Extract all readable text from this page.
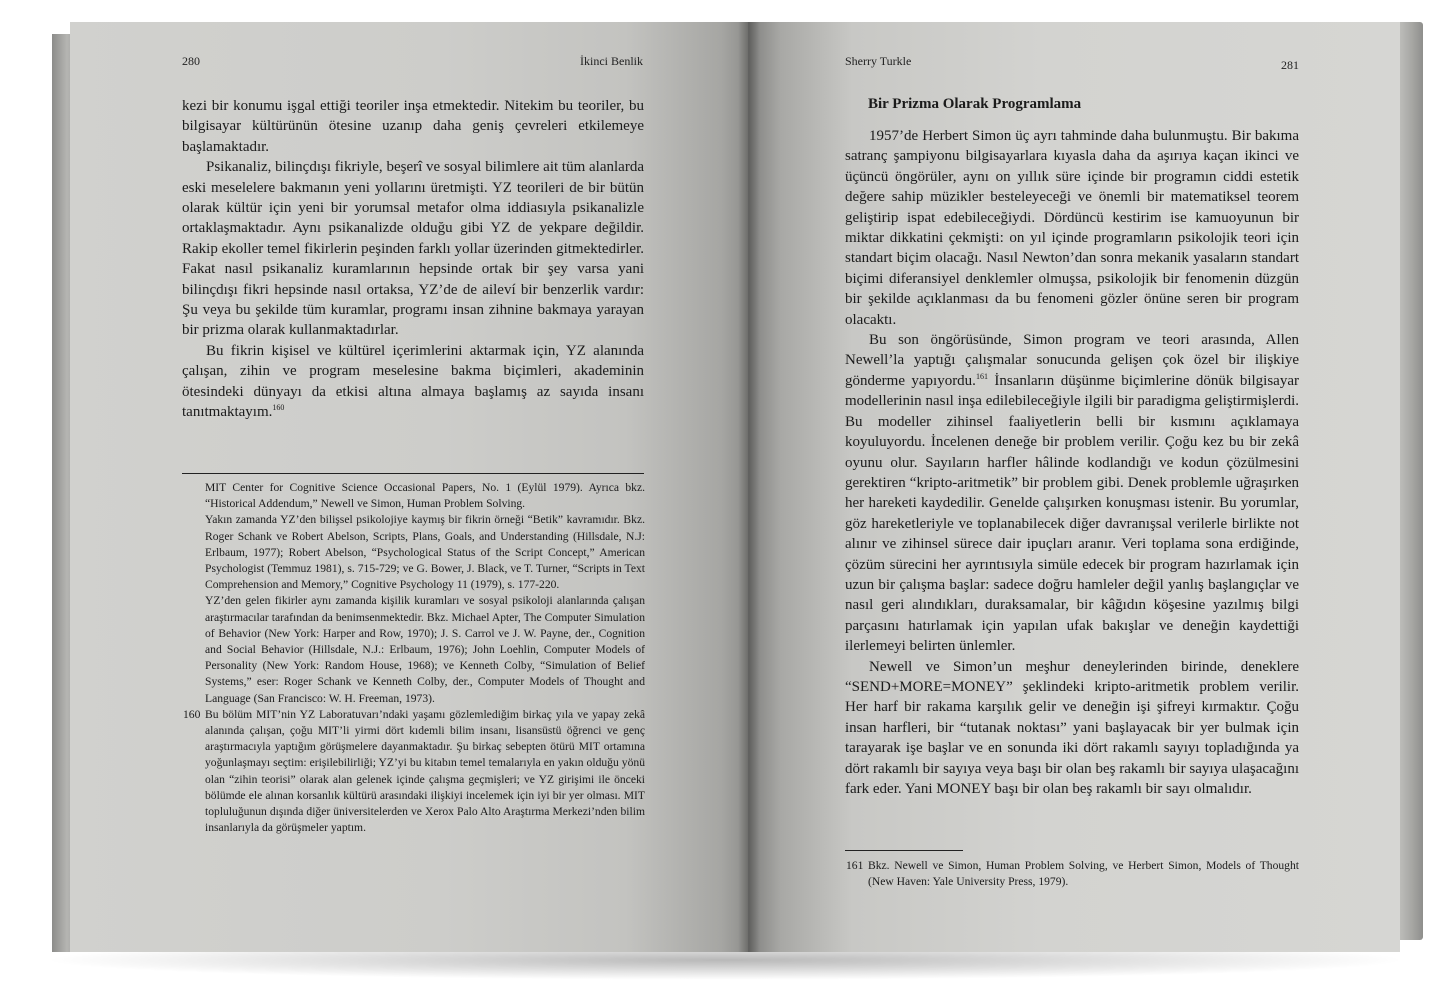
280	İkinci Benlik

kezi bir konumu işgal ettiği teoriler inşa etmektedir. Nitekim bu teoriler, bu bilgisayar kültürünün ötesine uzanıp daha geniş çevreleri etkilemeye başlamaktadır.

Psikanaliz, bilinçdışı fikriyle, beşerî ve sosyal bilimlere ait tüm alanlarda eski meselelere bakmanın yeni yollarını üretmişti. YZ teorileri de bir bütün olarak kültür için yeni bir yorumsal metafor olma iddiasıyla psikanalizle ortaklaşmaktadır. Aynı psikanalizde olduğu gibi YZ de yekpare değildir. Rakip ekoller temel fikirlerin peşinden farklı yollar üzerinden gitmektedirler. Fakat nasıl psikanaliz kuramlarının hepsinde ortak bir şey varsa yani bilinçdışı fikri hepsinde nasıl ortaksa, YZ’de de aileví bir benzerlik vardır: Şu veya bu şekilde tüm kuramlar, programı insan zihnine bakmaya yarayan bir prizma olarak kullanmaktadırlar.

Bu fikrin kişisel ve kültürel içerimlerini aktarmak için, YZ alanında çalışan, zihin ve program meselesine bakma biçimleri, akademinin ötesindeki dünyayı da etkisi altına almaya başlamış az sayıda insanı tanıtmaktayım.$^{160}$

MIT Center for Cognitive Science Occasional Papers, No. 1 (Eylül 1979). Ayrıca bkz. “Historical Addendum,” Newell ve Simon, Human Problem Solving.

Yakın zamanda YZ’den bilişsel psikolojiye kaymış bir fikrin örneği “Betik” kavramıdır. Bkz. Roger Schank ve Robert Abelson, Scripts, Plans, Goals, and Understanding (Hillsdale, N.J: Erlbaum, 1977); Robert Abelson, “Psychological Status of the Script Concept,” American Psychologist (Temmuz 1981), s. 715-729; ve G. Bower, J. Black, ve T. Turner, “Scripts in Text Comprehension and Memory,” Cognitive Psychology 11 (1979), s. 177-220.

YZ’den gelen fikirler aynı zamanda kişilik kuramları ve sosyal psikoloji alanlarında çalışan araştırmacılar tarafından da benimsenmektedir. Bkz. Michael Apter, The Computer Simulation of Behavior (New York: Harper and Row, 1970); J. S. Carrol ve J. W. Payne, der., Cognition and Social Behavior (Hillsdale, N.J.: Erlbaum, 1976); John Loehlin, Computer Models of Personality (New York: Random House, 1968); ve Kenneth Colby, “Simulation of Belief Systems,” eser: Roger Schank ve Kenneth Colby, der., Computer Models of Thought and Language (San Francisco: W. H. Freeman, 1973).

160 Bu bölüm MIT’nin YZ Laboratuvarı’ndaki yaşamı gözlemlediğim birkaç yıla ve yapay zekâ alanında çalışan, çoğu MIT’li yirmi dört kıdemli bilim insanı, lisansüstü öğrenci ve genç araştırmacıyla yaptığım görüşmelere dayanmaktadır. Şu birkaç sebepten ötürü MIT ortamına yoğunlaşmayı seçtim: erişilebilirliği; YZ’yi bu kitabın temel temalarıyla en yakın olduğu yönü olan “zihin teorisi” olarak alan gelenek içinde çalışma geçmişleri; ve YZ girişimi ile önceki bölümde ele alınan korsanlık kültürü arasındaki ilişkiyi incelemek için iyi bir yer olması. MIT topluluğunun dışında diğer üniversitelerden ve Xerox Palo Alto Araştırma Merkezi’nden bilim insanlarıyla da görüşmeler yaptım.

Sherry Turkle	281
Bir Prizma Olarak Programlama

1957’de Herbert Simon üç ayrı tahminde daha bulunmuştu. Bir bakıma satranç şampiyonu bilgisayarlara kıyasla daha da aşırıya kaçan ikinci ve üçüncü öngörüler, aynı on yıllık süre içinde bir programın ciddi estetik değere sahip müzikler besteleyeceği ve önemli bir matematiksel teorem geliştirip ispat edebileceğiydi. Dördüncü kestirim ise kamuoyunun bir miktar dikkatini çekmişti: on yıl içinde programların psikolojik teori için standart biçim olacağı. Nasıl Newton’dan sonra mekanik yasaların standart biçimi diferansiyel denklemler olmuşsa, psikolojik bir fenomenin düzgün bir şekilde açıklanması da bu fenomeni gözler önüne seren bir program olacaktı.

Bu son öngörüsünde, Simon program ve teori arasında, Allen Newell’la yaptığı çalışmalar sonucunda gelişen çok özel bir ilişkiye gönderme yapıyordu.$^{161}$ İnsanların düşünme biçimlerine dönük bilgisayar modellerinin nasıl inşa edilebileceğiyle ilgili bir paradigma geliştirmişlerdi. Bu modeller zihinsel faaliyetlerin belli bir kısmını açıklamaya koyuluyordu. İncelenen deneğe bir problem verilir. Çoğu kez bu bir zekâ oyunu olur. Sayıların harfler hâlinde kodlandığı ve kodun çözülmesini gerektiren “kripto-aritmetik” bir problem gibi. Denek problemle uğraşırken her hareketi kaydedilir. Genelde çalışırken konuşması istenir. Bu yorumlar, göz hareketleriyle ve toplanabilecek diğer davranışsal verilerle birlikte not alınır ve zihinsel sürece dair ipuçları aranır. Veri toplama sona erdiğinde, çözüm sürecini her ayrıntısıyla simüle edecek bir program hazırlamak için uzun bir çalışma başlar: sadece doğru hamleler değil yanlış başlangıçlar ve nasıl geri alındıkları, duraksamalar, bir kâğıdın köşesine yazılmış bilgi parçasını hatırlamak için yapılan ufak bakışlar ve deneğin kaydettiği ilerlemeyi belirten ünlemler.

Newell ve Simon’un meşhur deneylerinden birinde, deneklere “SEND+MORE=MONEY” şeklindeki kripto-aritmetik problem verilir. Her harf bir rakama karşılık gelir ve deneğin işi şifreyi kırmaktır. Çoğu insan harfleri, bir “tutanak noktası” yani başlayacak bir yer bulmak için tarayarak işe başlar ve en sonunda iki dört rakamlı sayıyı topladığında ya dört rakamlı bir sayıya veya başı bir olan beş rakamlı bir sayıya ulaşacağını fark eder. Yani MONEY başı bir olan beş rakamlı bir sayı olmalıdır.

161 Bkz. Newell ve Simon, Human Problem Solving, ve Herbert Simon, Models of Thought (New Haven: Yale University Press, 1979).
